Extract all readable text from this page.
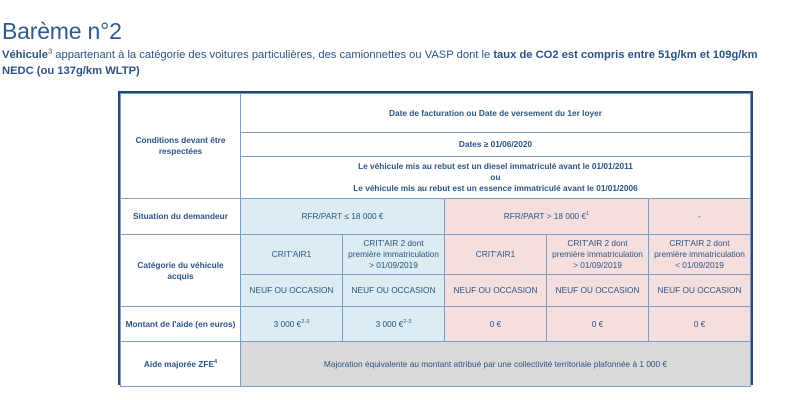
Barème n°2

Véhicule$^3$ appartenant à la catégorie des voitures particulières, des camionnettes ou VASP dont le taux de CO2 est compris entre 51g/km et 109g/km NEDC (ou 137g/km WLTP)

Conditions devant être respectées	Date de facturation ou Date de versement du 1er loyer				
	Dates ≥ 01/06/2020				

	Le véhicule mis au rebut est un diesel immatriculé avant le 01/01/2011
ou
Le véhicule mis au rebut est un essence immatriculé avant le 01/01/2006				

Situation du demandeur	RFR/PART ≤ 18 000 €		RFR/PART > 18 000 €$^1$		-
Catégorie du véhicule acquis	CRIT'AIR1	CRIT'AIR 2 dont première immatriculation > 01/09/2019	CRIT'AIR1	CRIT'AIR 2 dont première immatriculation > 01/09/2019	CRIT'AIR 2 dont première immatriculation < 01/09/2019
	NEUF OU OCCASION	NEUF OU OCCASION	NEUF OU OCCASION	NEUF OU OCCASION	NEUF OU OCCASION
Montant de l'aide (en euros)	3 000 €$^{2-3}$	3 000 €$^{2-3}$	0 €	0 €	0 €
Aide majorée ZFE$^4$	Majoration équivalente au montant attribué par une collectivité territoriale plafonnée à 1 000 €				
